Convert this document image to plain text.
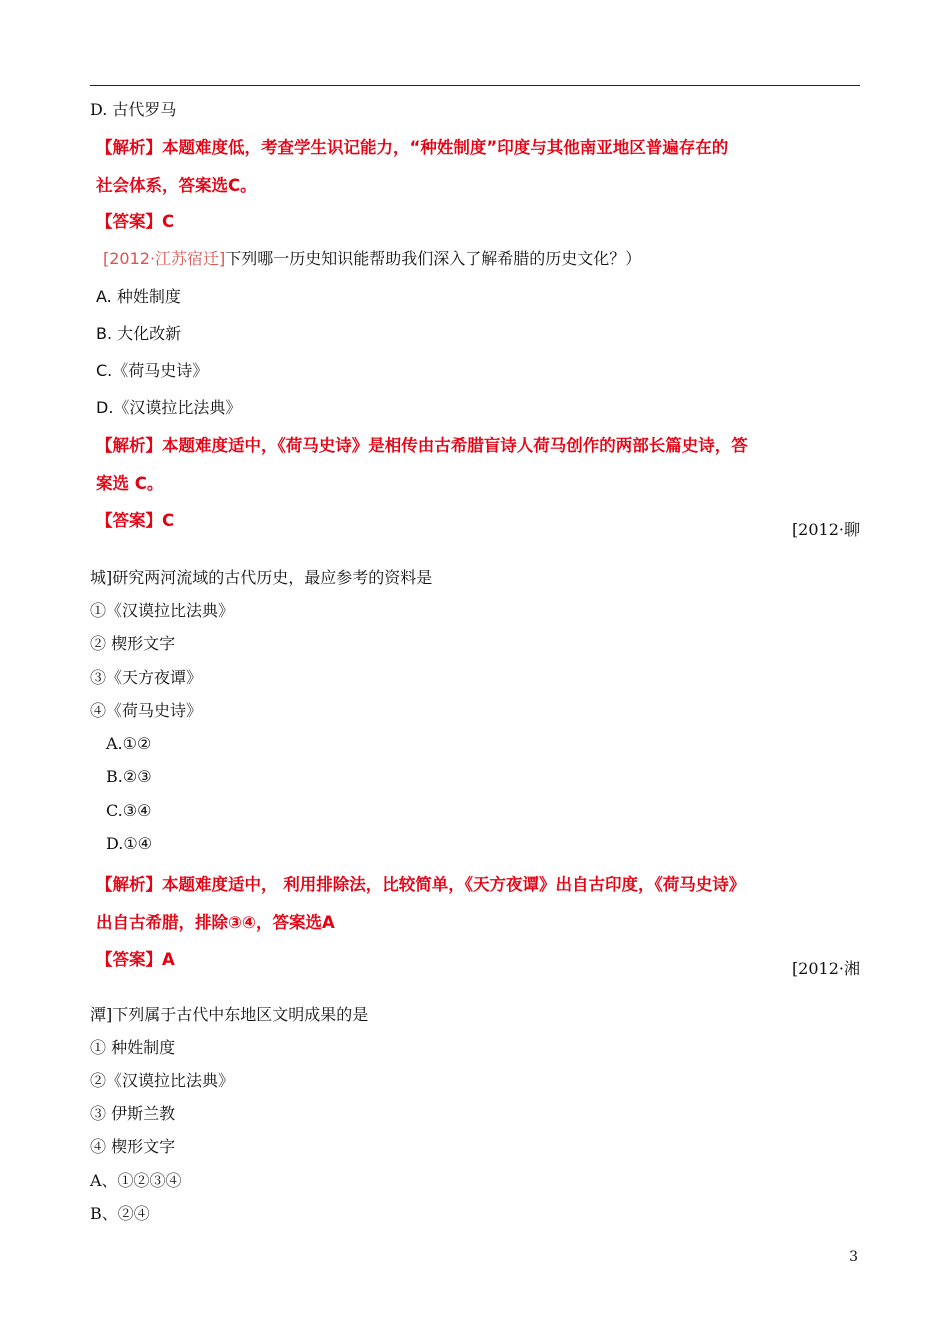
D. 古代罗马
【解析】本题难度低，考查学生识记能力，“种姓制度”印度与其他南亚地区普遍存在的
社会体系，答案选C。
【答案】C
[2012·江苏宿迁]下列哪一历史知识能帮助我们深入了解希腊的历史文化？）
A. 种姓制度
B. 大化改新
C.《荷马史诗》
D.《汉谟拉比法典》
【解析】本题难度适中，《荷马史诗》是相传由古希腊盲诗人荷马创作的两部长篇史诗，答
案选 C。
【答案】C	[2012·聊
城]研究两河流域的古代历史，最应参考的资料是
①《汉谟拉比法典》
② 楔形文字
③《天方夜谭》
④《荷马史诗》
A.①②
B.②③
C.③④
D.①④
【解析】本题难度适中， 利用排除法，比较简单，《天方夜谭》出自古印度，《荷马史诗》
出自古希腊，排除③④，答案选A
【答案】A	[2012·湘
潭]下列属于古代中东地区文明成果的是
① 种姓制度
②《汉谟拉比法典》
③ 伊斯兰教
④ 楔形文字
A、①②③④
B、②④
3
